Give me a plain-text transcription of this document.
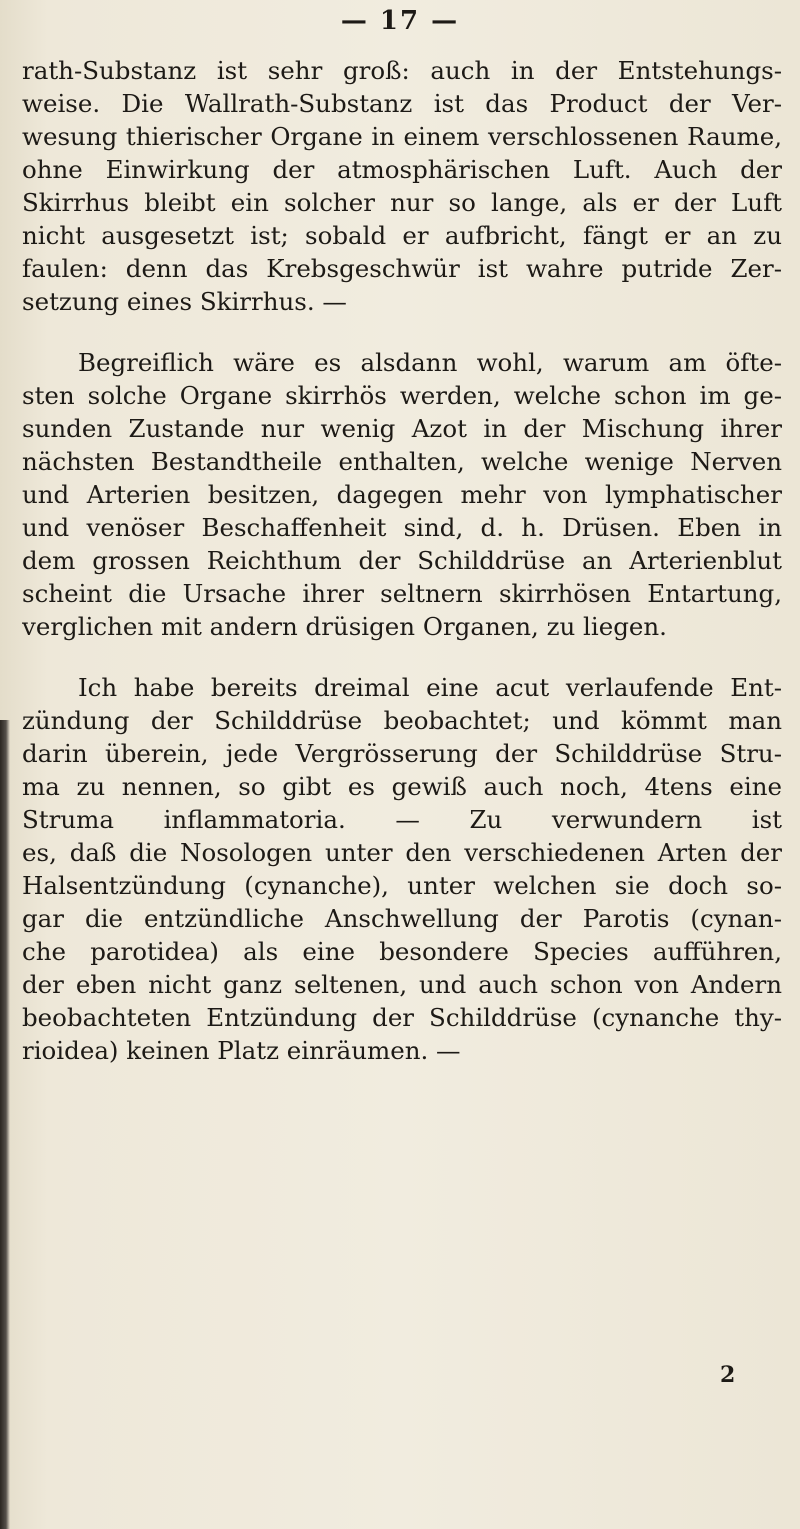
— 17 —
rath-Substanz ist sehr groß: auch in der Entstehungs-
weise. Die Wallrath-Substanz ist das Product der Ver-
wesung thierischer Organe in einem verschlossenen Raume,
ohne Einwirkung der atmosphärischen Luft. Auch der
Skirrhus bleibt ein solcher nur so lange, als er der Luft
nicht ausgesetzt ist; sobald er aufbricht, fängt er an zu
faulen: denn das Krebsgeschwür ist wahre putride Zer-
setzung eines Skirrhus. —
Begreiflich wäre es alsdann wohl, warum am öfte-
sten solche Organe skirrhös werden, welche schon im ge-
sunden Zustande nur wenig Azot in der Mischung ihrer
nächsten Bestandtheile enthalten, welche wenige Nerven
und Arterien besitzen, dagegen mehr von lymphatischer
und venöser Beschaffenheit sind, d. h. Drüsen. Eben in
dem grossen Reichthum der Schilddrüse an Arterienblut
scheint die Ursache ihrer seltnern skirrhösen Entartung,
verglichen mit andern drüsigen Organen, zu liegen.
Ich habe bereits dreimal eine acut verlaufende Ent-
zündung der Schilddrüse beobachtet; und kömmt man
darin überein, jede Vergrösserung der Schilddrüse Stru-
ma zu nennen, so gibt es gewiß auch noch, 4tens eine
Struma inflammatoria. — Zu verwundern ist
es, daß die Nosologen unter den verschiedenen Arten der
Halsentzündung (cynanche), unter welchen sie doch so-
gar die entzündliche Anschwellung der Parotis (cynan-
che parotidea) als eine besondere Species aufführen,
der eben nicht ganz seltenen, und auch schon von Andern
beobachteten Entzündung der Schilddrüse (cynanche thy-
rioidea) keinen Platz einräumen. —
2
